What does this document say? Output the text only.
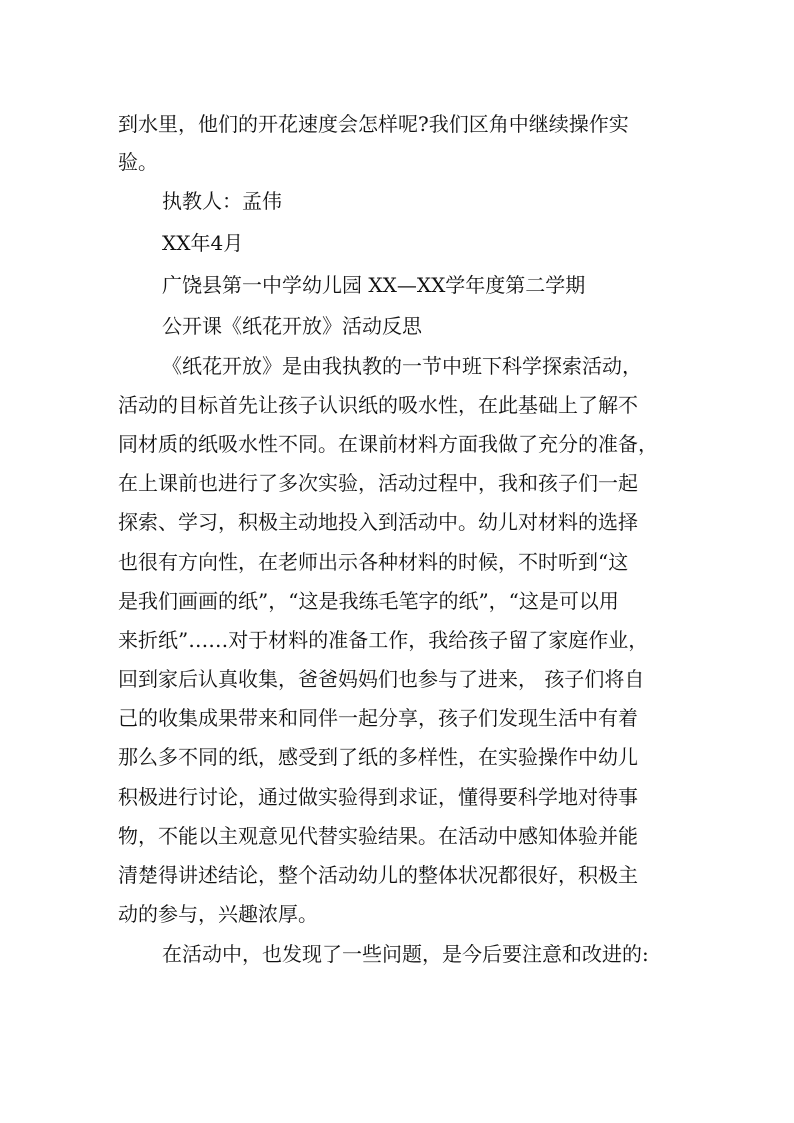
到水里，他们的开花速度会怎样呢?我们区角中继续操作实
验。
执教人：孟伟
XX年4月
广饶县第一中学幼儿园 XX—XX学年度第二学期
公开课《纸花开放》活动反思
《纸花开放》是由我执教的一节中班下科学探索活动，
活动的目标首先让孩子认识纸的吸水性，在此基础上了解不
同材质的纸吸水性不同。在课前材料方面我做了充分的准备，
在上课前也进行了多次实验，活动过程中，我和孩子们一起
探索、学习，积极主动地投入到活动中。幼儿对材料的选择
也很有方向性，在老师出示各种材料的时候，不时听到“这
是我们画画的纸”，“这是我练毛笔字的纸”，“这是可以用
来折纸”……对于材料的准备工作，我给孩子留了家庭作业，
回到家后认真收集，爸爸妈妈们也参与了进来， 孩子们将自
己的收集成果带来和同伴一起分享，孩子们发现生活中有着
那么多不同的纸，感受到了纸的多样性，在实验操作中幼儿
积极进行讨论，通过做实验得到求证，懂得要科学地对待事
物，不能以主观意见代替实验结果。在活动中感知体验并能
清楚得讲述结论，整个活动幼儿的整体状况都很好，积极主
动的参与，兴趣浓厚。
在活动中，也发现了一些问题，是今后要注意和改进的:
